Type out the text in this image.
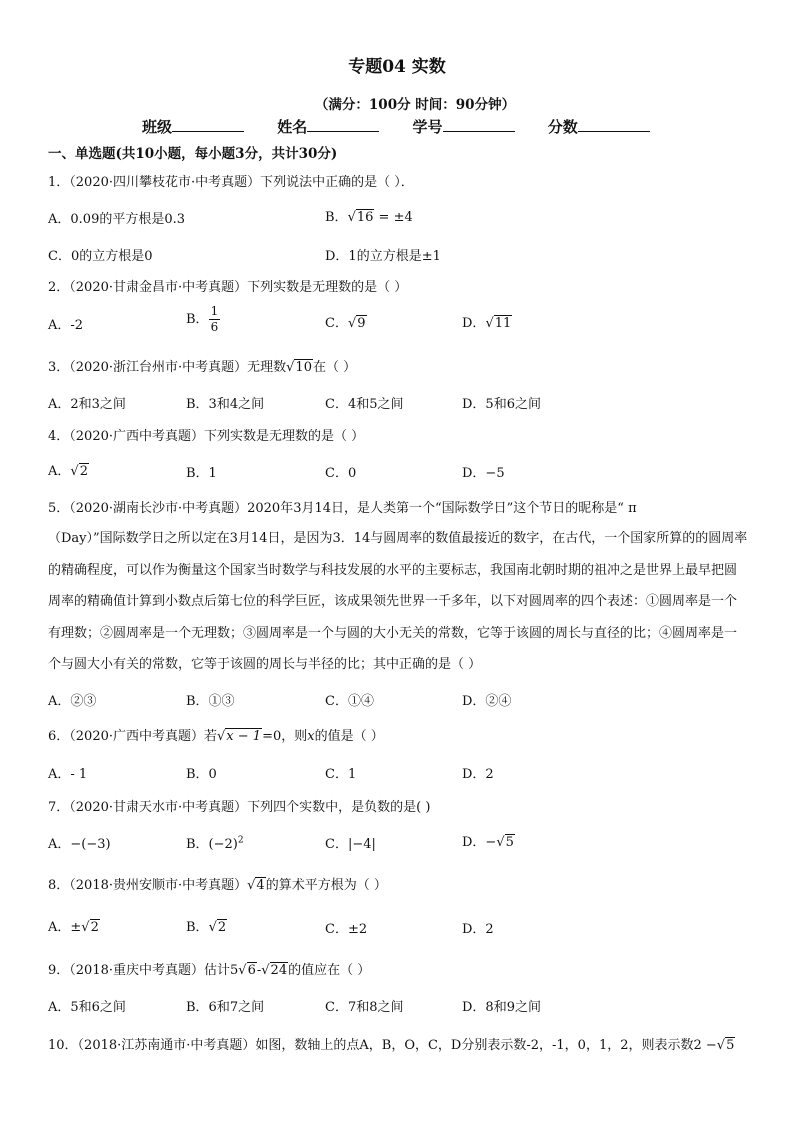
专题04 实数
（满分：100分 时间：90分钟）
班级	姓名	学号	分数
一、单选题(共10小题，每小题3分，共计30分)
1．（2020·四川攀枝花市·中考真题）下列说法中正确的是（ ）．
A．0.09的平方根是0.3	B．√16 = ±4
C．0的立方根是0	D．1的立方根是±1
2．（2020·甘肃金昌市·中考真题）下列实数是无理数的是（ ）
A．-2	B． $\frac{1}{6}$	C．√9	D．√11
3．（2020·浙江台州市·中考真题）无理数√10在（ ）
A．2和3之间	B．3和4之间	C．4和5之间	D．5和6之间
4．（2020·广西中考真题）下列实数是无理数的是（ ）
A．√2	B．1	C．0	D．−5
5．（2020·湖南长沙市·中考真题）2020年3月14日，是人类第一个“国际数学日”这个节日的昵称是“ π
（Day）”国际数学日之所以定在3月14日，是因为3．14与圆周率的数值最接近的数字，在古代，一个国家所算的的圆周率的精确程度，可以作为衡量这个国家当时数学与科技发展的水平的主要标志，我国南北朝时期的祖冲之是世界上最早把圆周率的精确值计算到小数点后第七位的科学巨匠，该成果领先世界一千多年，以下对圆周率的四个表述：①圆周率是一个有理数；②圆周率是一个无理数；③圆周率是一个与圆的大小无关的常数，它等于该圆的周长与直径的比；④圆周率是一个与圆大小有关的常数，它等于该圆的周长与半径的比；其中正确的是（ ）
A．②③	B．①③	C．①④	D．②④
6．（2020·广西中考真题）若√x − 1=0，则x的值是（ ）
A．- 1	B．0	C．1	D．2
7．（2020·甘肃天水市·中考真题）下列四个实数中，是负数的是( )
A．−(−3)	B．$(-2)^2$	C．|−4|	D．−√5
8．（2018·贵州安顺市·中考真题）√4的算术平方根为（ ）
A．±√2	B．√2	C．±2	D．2
9．（2018·重庆中考真题）估计5√6-√24的值应在（ ）
A．5和6之间	B．6和7之间	C．7和8之间	D．8和9之间
10．（2018·江苏南通市·中考真题）如图，数轴上的点A，B，O，C，D分别表示数-2，-1，0，1，2，则表示数2 −√5
